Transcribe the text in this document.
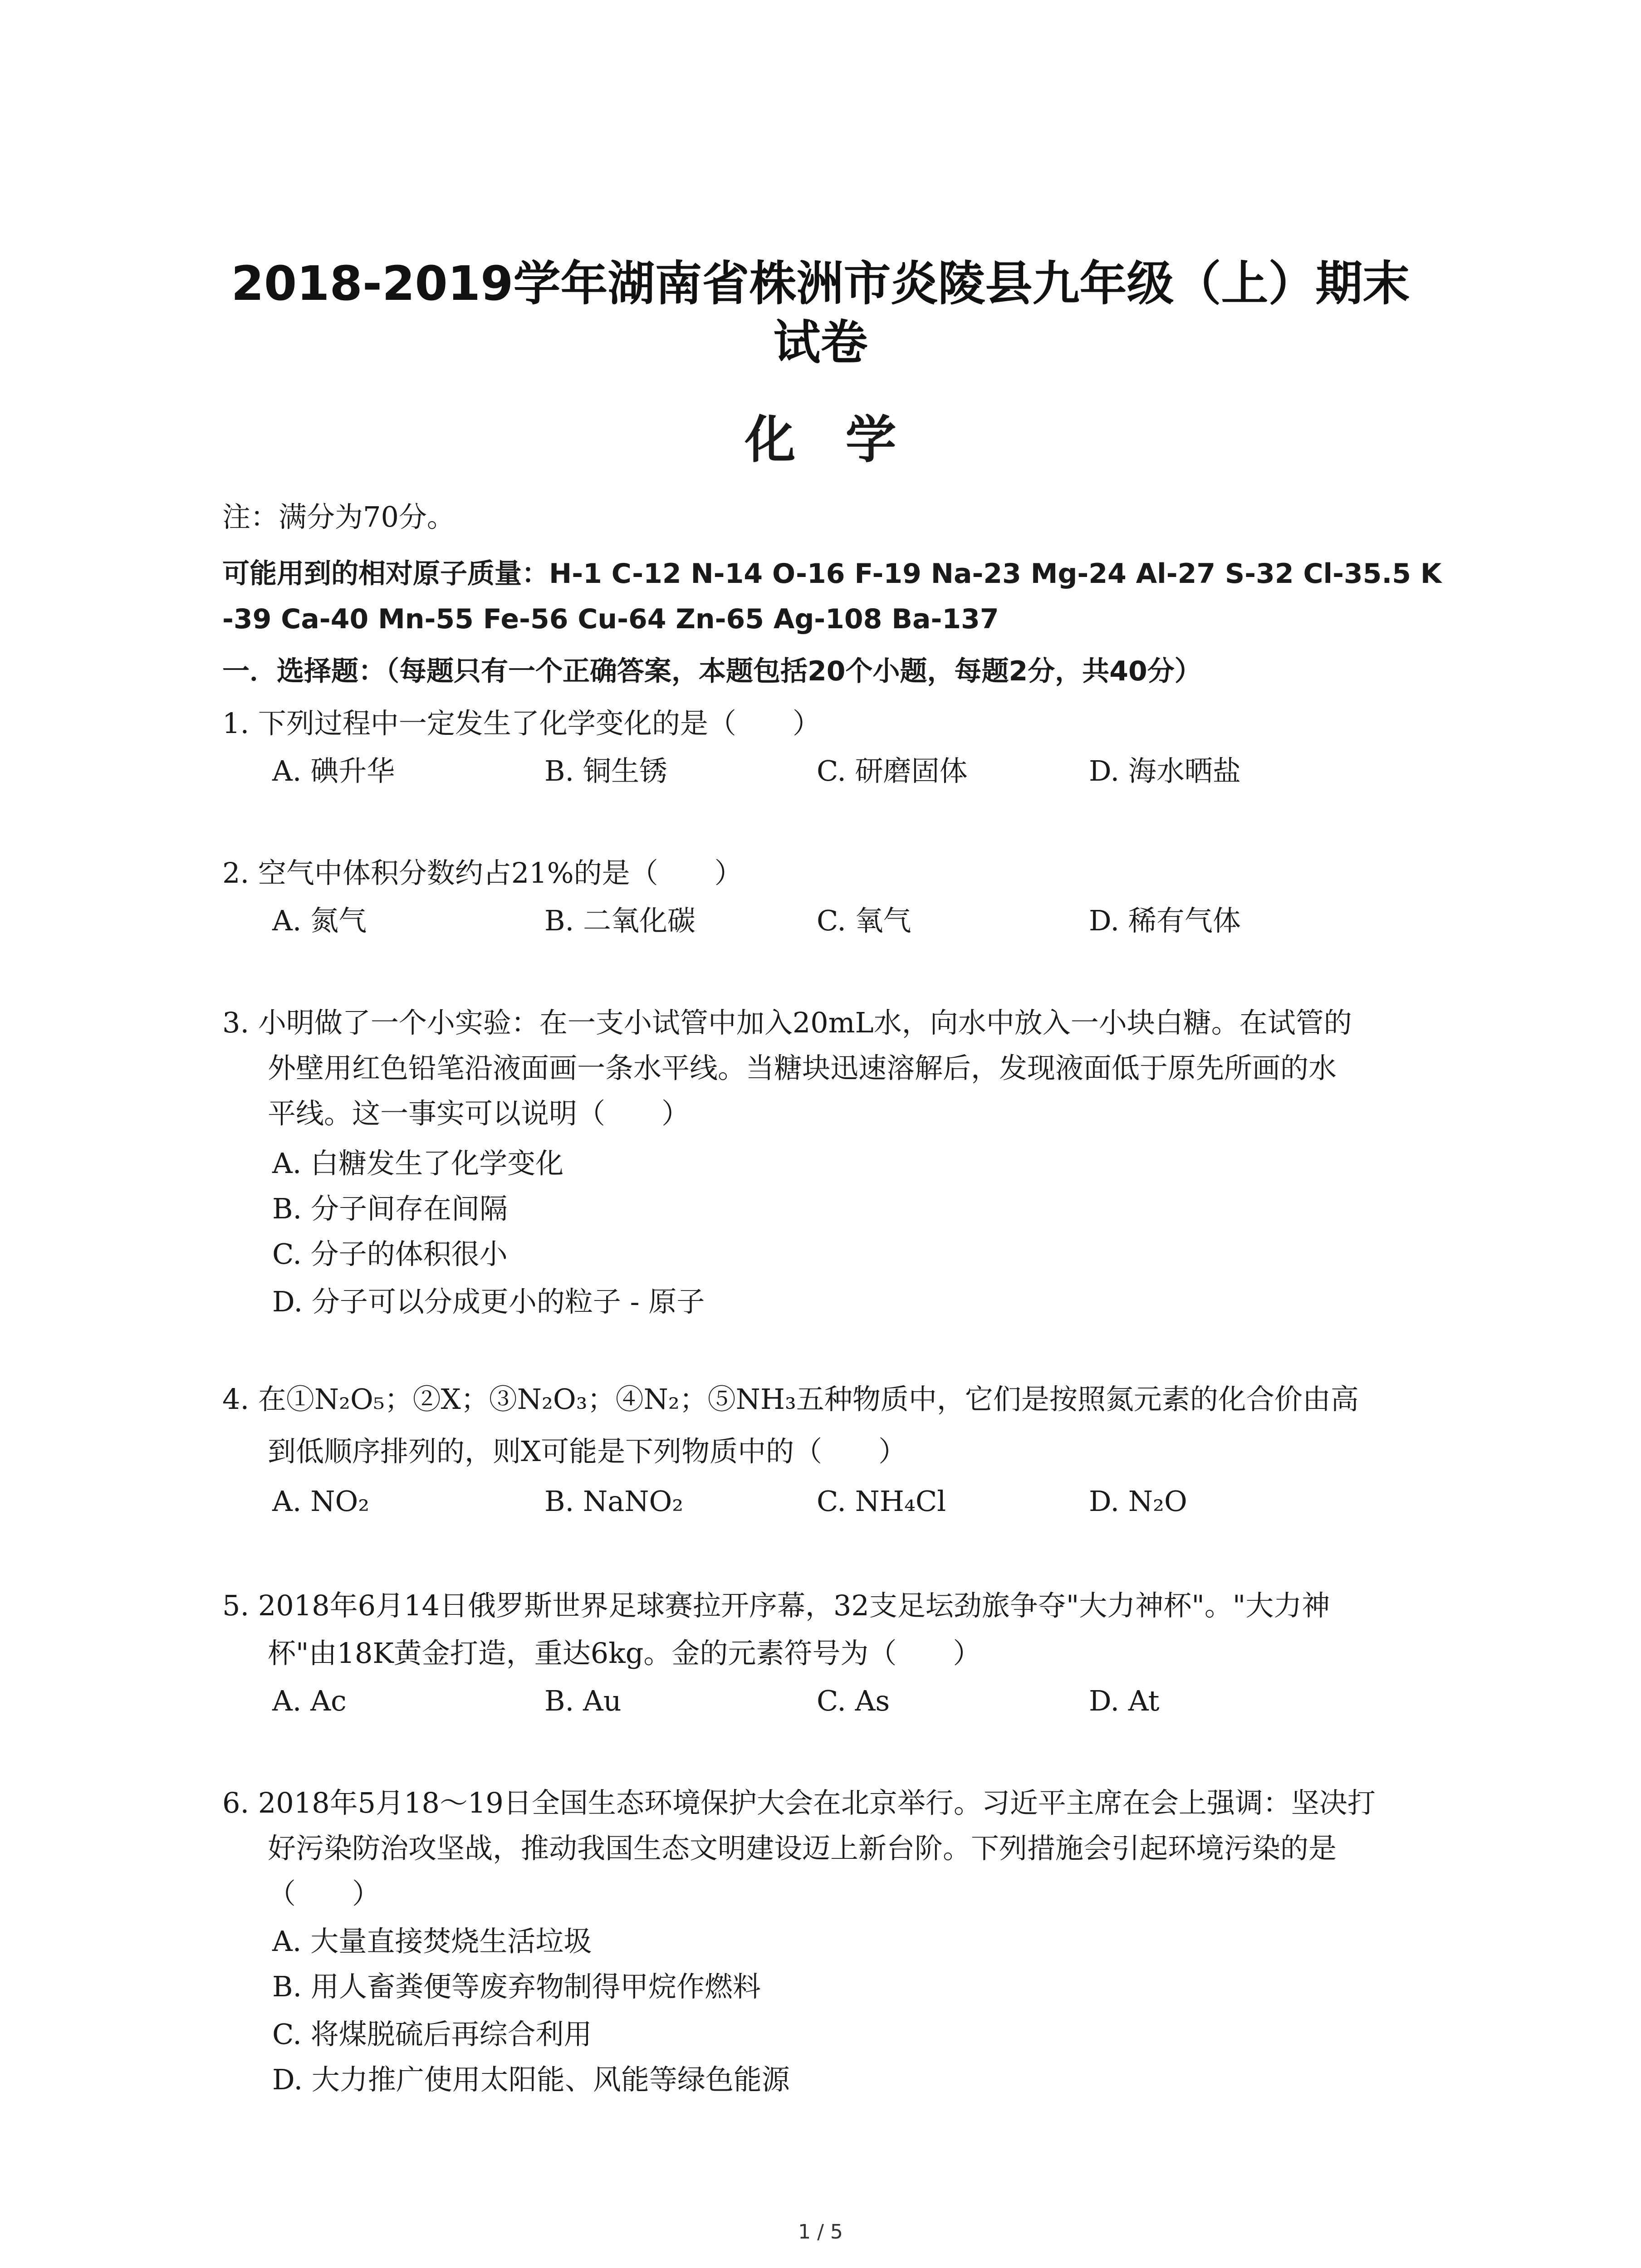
2018-2019学年湖南省株洲市炎陵县九年级（上）期末
试卷
化学
注：满分为70分。
可能用到的相对原子质量：H-1 C-12 N-14 O-16 F-19 Na-23 Mg-24 Al-27 S-32 Cl-35.5 K
-39 Ca-40 Mn-55 Fe-56 Cu-64 Zn-65 Ag-108 Ba-137
一．选择题：（每题只有一个正确答案，本题包括20个小题，每题2分，共40分）
1. 下列过程中一定发生了化学变化的是（　　）
A. 碘升华	B. 铜生锈	C. 研磨固体	D. 海水晒盐
2. 空气中体积分数约占21%的是（　　）
A. 氮气	B. 二氧化碳	C. 氧气	D. 稀有气体
3. 小明做了一个小实验：在一支小试管中加入20mL水，向水中放入一小块白糖。在试管的
外壁用红色铅笔沿液面画一条水平线。当糖块迅速溶解后，发现液面低于原先所画的水
平线。这一事实可以说明（　　）
A. 白糖发生了化学变化
B. 分子间存在间隔
C. 分子的体积很小
D. 分子可以分成更小的粒子 - 原子
4. 在①N₂O₅；②X；③N₂O₃；④N₂；⑤NH₃五种物质中，它们是按照氮元素的化合价由高
到低顺序排列的，则X可能是下列物质中的（　　）
A. NO₂	B. NaNO₂	C. NH₄Cl	D. N₂O
5. 2018年6月14日俄罗斯世界足球赛拉开序幕，32支足坛劲旅争夺"大力神杯"。"大力神
杯"由18K黄金打造，重达6kg。金的元素符号为（　　）
A. Ac	B. Au	C. As	D. At
6. 2018年5月18～19日全国生态环境保护大会在北京举行。习近平主席在会上强调：坚决打
好污染防治攻坚战，推动我国生态文明建设迈上新台阶。下列措施会引起环境污染的是
（　　）
A. 大量直接焚烧生活垃圾
B. 用人畜粪便等废弃物制得甲烷作燃料
C. 将煤脱硫后再综合利用
D. 大力推广使用太阳能、风能等绿色能源
1 / 5
